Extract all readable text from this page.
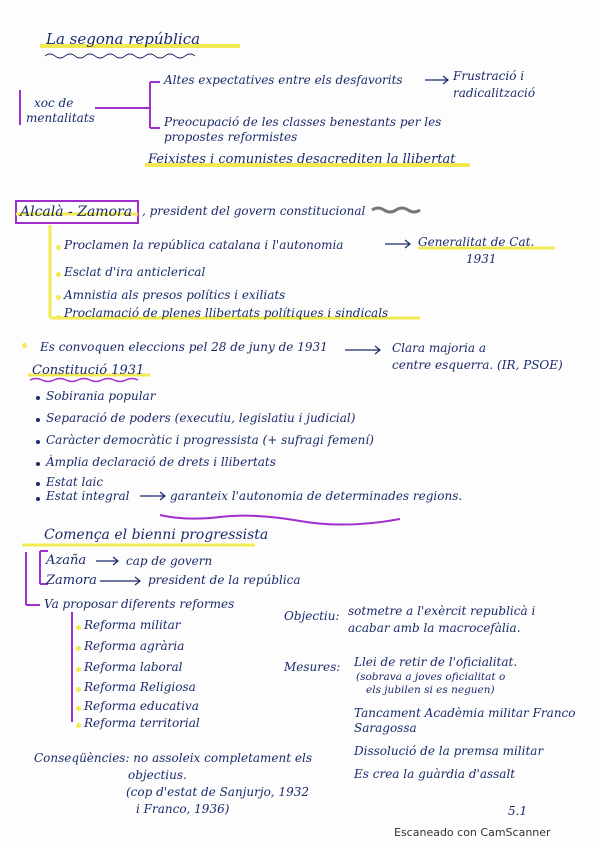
La segona república
xoc de
mentalitats
Altes expectatives entre els desfavorits	Frustració i
radicalització
Preocupació de les classes benestants per les
propostes reformistes
Feixistes i comunistes desacrediten la llibertat
Alcalà - Zamora , president del govern constitucional
Proclamen la república catalana i l'autonomia	Generalitat de Cat.
1931
Esclat d'ira anticlerical
Amnistia als presos polítics i exiliats
Proclamació de plenes llibertats polítiques i sindicals
Es convoquen eleccions pel 28 de juny de 1931	Clara majoria a
centre esquerra. (IR, PSOE)
Constitució 1931
Sobirania popular
Separació de poders (executiu, legislatiu i judicial)
Caràcter democràtic i progressista (+ sufragi femení)
Àmplia declaració de drets i llibertats
Estat laic
Estat integral	garanteix l'autonomia de determinades regions.
Comença el bienni progressista
Azaña	cap de govern
Zamora	president de la república
Va proposar diferents reformes
Reforma militar
Reforma agrària
Reforma laboral
Reforma Religiosa
Reforma educativa
Reforma territorial
Objectiu: sotmetre a l'exèrcit republicà i
acabar amb la macrocefàlia.
Mesures: Llei de retir de l'oficialitat.
(sobrava a joves oficialitat o
els jubilen si es neguen)
Tancament Acadèmia militar Franco
Saragossa
Dissolució de la premsa militar
Es crea la guàrdia d'assalt
Conseqüències: no assoleix completament els
objectius.
(cop d'estat de Sanjurjo, 1932
i Franco, 1936)	5.1
Escaneado con CamScanner
